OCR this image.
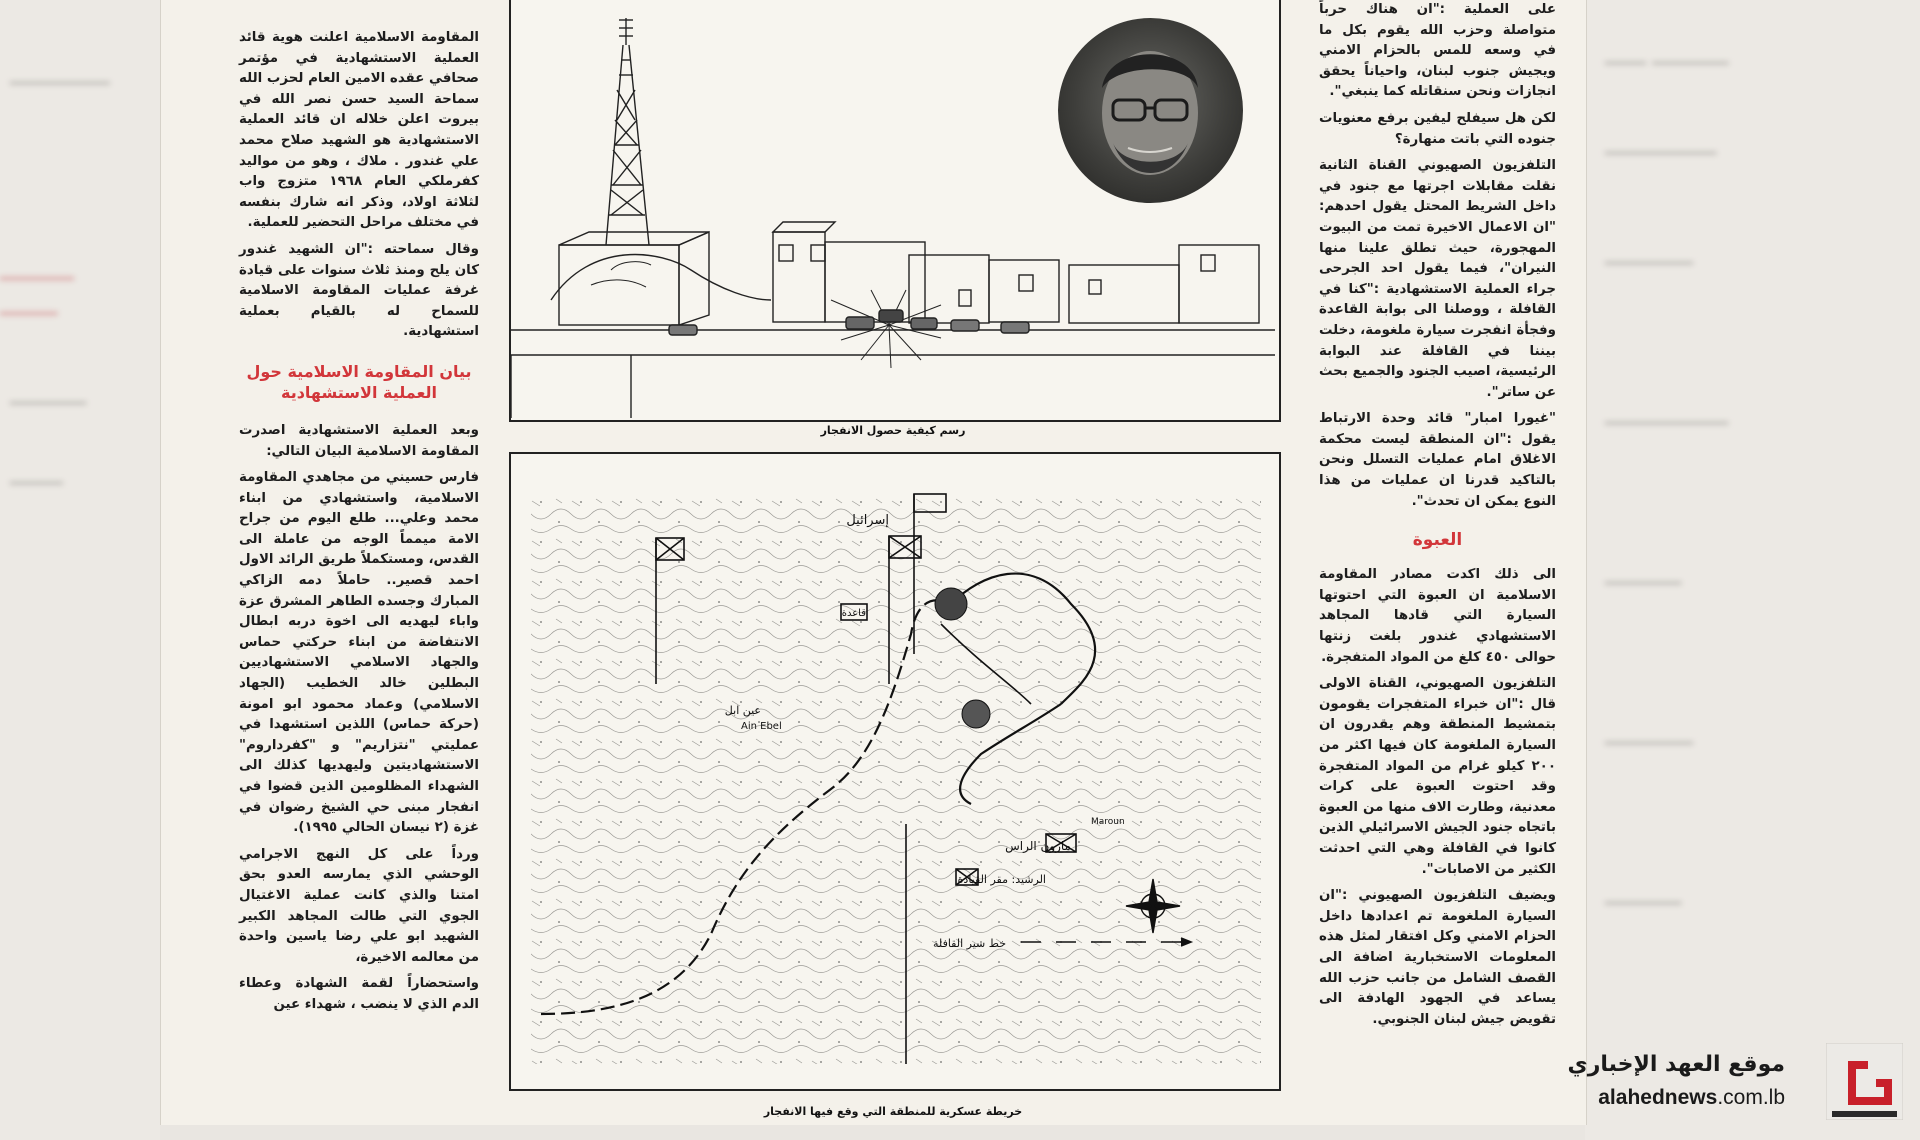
ـــــــــــــــــ
ـــــــــ
ـــــــ
ـــــــــــــ
ـــــــــ
ـــــــــــــ ـــــــ
ـــــــــــــــــــ
ـــــــــــــــ
ـــــــــــــــــــــ
ـــــــــــــ
ـــــــــــــــ
ـــــــــــــ

المقاومة الاسلامية اعلنت هوية قائد العملية الاستشهادية في مؤتمر صحافي عقده الامين العام لحزب الله سماحة السيد حسن نصر الله في بيروت اعلن خلاله ان قائد العملية الاستشهادية هو الشهيد صلاح محمد علي غندور . ملاك ، وهو من مواليد كفرملكي العام ١٩٦٨ متزوج واب لثلاثة اولاد، وذكر انه شارك بنفسه في مختلف مراحل التحضير للعملية.

وقال سماحته :"ان الشهيد غندور كان يلح ومنذ ثلاث سنوات على قيادة غرفة عمليات المقاومة الاسلامية للسماح له بالقيام بعملية استشهادية.

بيان المقاومة الاسلامية حول العملية الاستشهادية

وبعد العملية الاستشهادية اصدرت المقاومة الاسلامية البيان التالي:

فارس حسيني من مجاهدي المقاومة الاسلامية، واستشهادي من ابناء محمد وعلي... طلع اليوم من جراح الامة ميمماً الوجه من عاملة الى القدس، ومستكملاً طريق الرائد الاول احمد قصير.. حاملاً دمه الزاكي المبارك وجسده الطاهر المشرق عزة واباء ليهديه الى اخوة دربه ابطال الانتفاضة من ابناء حركتي حماس والجهاد الاسلامي الاستشهاديين البطلين خالد الخطيب (الجهاد الاسلامي) وعماد محمود ابو امونة (حركة حماس) اللذين استشهدا في عمليتي "نتزاريم" و "كفرداروم" الاستشهاديتين وليهديها كذلك الى الشهداء المظلومين الذين قضوا في انفجار مبنى حي الشيخ رضوان في غزة (٢ نيسان الحالي ١٩٩٥).

ورداً على كل النهج الاجرامي الوحشي الذي يمارسه العدو بحق امتنا والذي كانت عملية الاغتيال الجوي التي طالت المجاهد الكبير الشهيد ابو علي رضا ياسين واحدة من معالمه الاخيرة،

واستحضاراً لقمة الشهادة وعطاء الدم الذي لا ينضب ، شهداء عين

على العملية :"ان هناك حرباً متواصلة وحزب الله يقوم بكل ما في وسعه للمس بالحزام الامني ويجيش جنوب لبنان، واحياناً يحقق انجازات ونحن سنقاتله كما ينبغي".

لكن هل سيفلح ليفين برفع معنويات جنوده التي باتت منهارة؟

التلفزيون الصهيوني القناة الثانية نقلت مقابلات اجرتها مع جنود في داخل الشريط المحتل يقول احدهم: "ان الاعمال الاخيرة تمت من البيوت المهجورة، حيث تطلق علينا منها النيران"، فيما يقول احد الجرحى جراء العملية الاستشهادية :"كنا في القافلة ، ووصلنا الى بوابة القاعدة وفجأة انفجرت سيارة ملغومة، دخلت بيننا في القافلة عند البوابة الرئيسية، اصيب الجنود والجميع بحث عن ساتر".

"غيورا امبار" قائد وحدة الارتباط يقول :"ان المنطقة ليست محكمة الاغلاق امام عمليات التسلل ونحن بالتاكيد قدرنا ان عمليات من هذا النوع يمكن ان تحدث".

العبوة

الى ذلك اكدت مصادر المقاومة الاسلامية ان العبوة التي احتوتها السيارة التي قادها المجاهد الاستشهادي غندور بلغت زنتها حوالى ٤٥٠ كلغ من المواد المتفجرة.

التلفزيون الصهيوني، القناة الاولى قال :"ان خبراء المتفجرات يقومون بتمشيط المنطقة وهم يقدرون ان السيارة الملغومة كان فيها اكثر من ٢٠٠ كيلو غرام من المواد المتفجرة وقد احتوت العبوة على كرات معدنية، وطارت الاف منها من العبوة باتجاه جنود الجيش الاسرائيلي الذين كانوا في القافلة وهي التي احدثت الكثير من الاصابات".

ويضيف التلفزيون الصهيوني :"ان السيارة الملغومة تم اعدادها داخل الحزام الامني وكل افتقار لمثل هذه المعلومات الاستخبارية اضافة الى القصف الشامل من جانب حزب الله يساعد في الجهود الهادفة الى تقويض جيش لبنان الجنوبي.

رسم كيفية حصول الانفجار
إسرائيل
عين ابل
Ain Ebel
مارون الراس
Maroun
قاعدة
الرشيد: مقر القيادة
خط سير القافلة
خريطة عسكرية للمنطقة التي وقع فيها الانفجار
موقع العهد الإخباري
alahednews.com.lb
